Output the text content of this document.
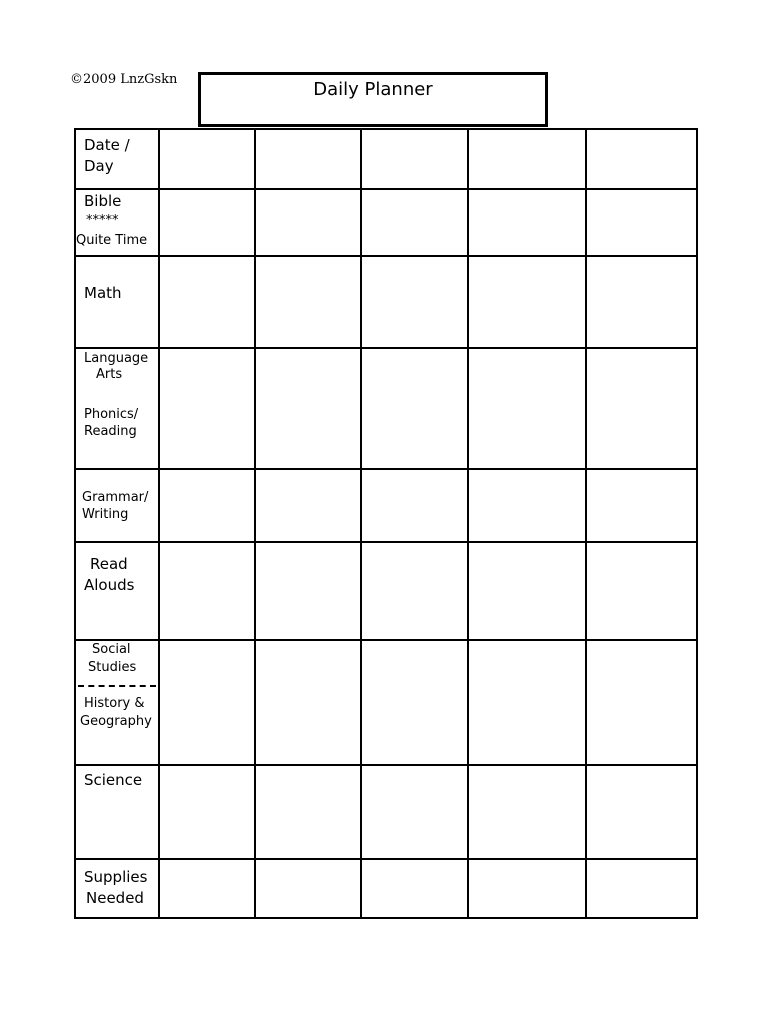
©2009 LnzGskn	Daily Planner
Date /
Day					

Bible
*****
Quite Time					

Math					

Language
Arts
Phonics/
Reading					

Grammar/
Writing					

Read
Alouds					

Social
Studies
History &
Geography					

Science					

Supplies
Needed					
